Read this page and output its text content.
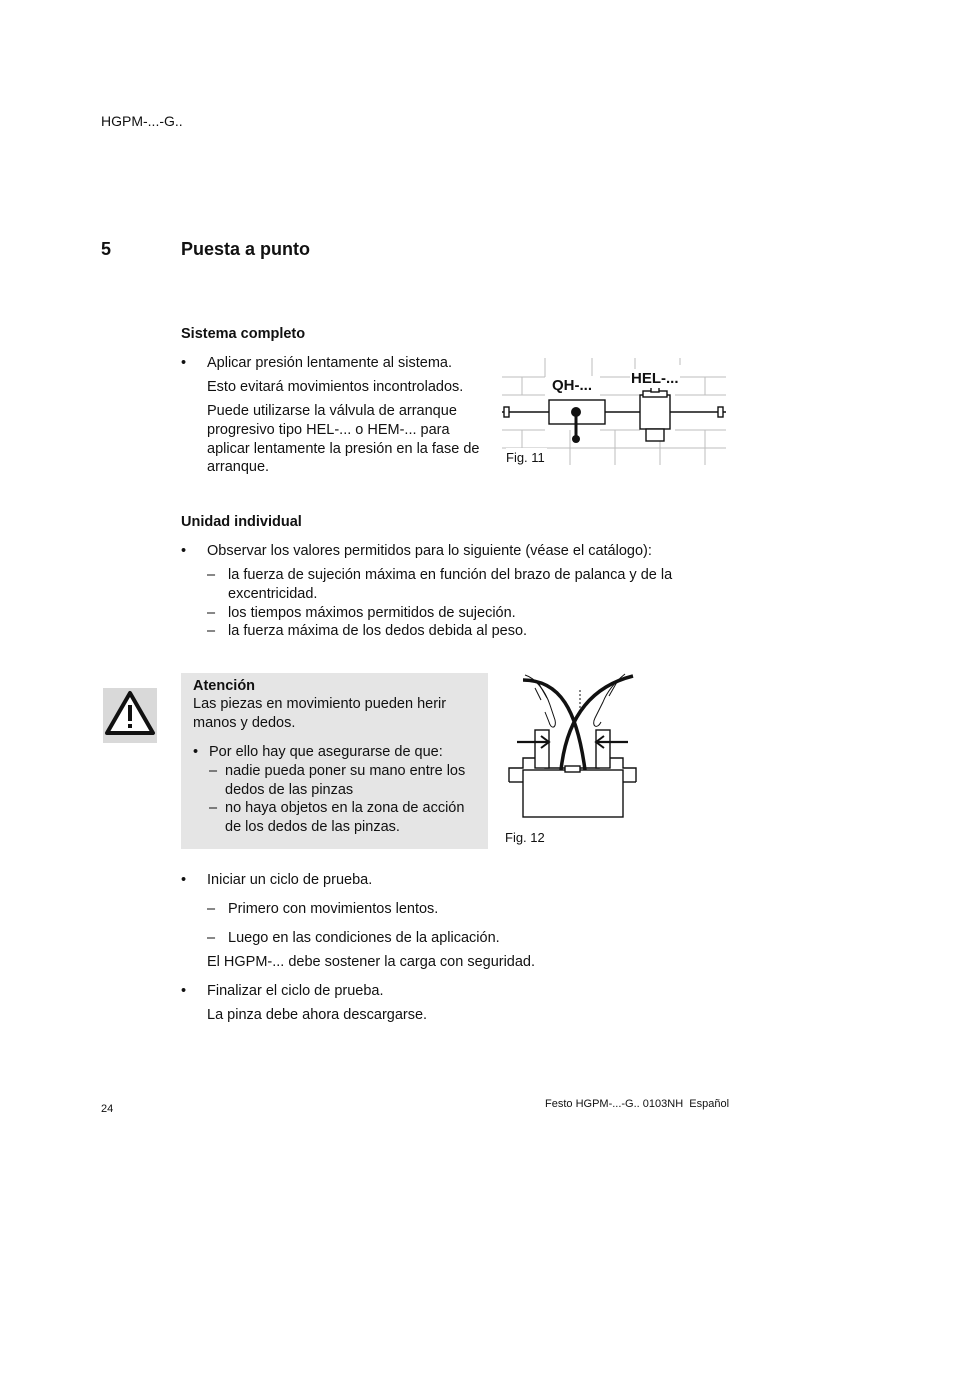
HGPM-...-G..
5	Puesta a punto
Sistema completo
• Aplicar presión lentamente al sistema.
Esto evitará movimientos incontrolados.
Puede utilizarse la válvula de arranque
progresivo tipo HEL-... o HEM-... para
aplicar lentamente la presión en la fase de
arranque.
QH-...	HEL-...
Fig. 11
Unidad individual
• Observar los valores permitidos para lo siguiente (véase el catálogo):
– la fuerza de sujeción máxima en función del brazo de palanca y de la
excentricidad.
– los tiempos máximos permitidos de sujeción.
– la fuerza máxima de los dedos debida al peso.
Atención
Las piezas en movimiento pueden herir
manos y dedos.
• Por ello hay que asegurarse de que:
– nadie pueda poner su mano entre los
dedos de las pinzas
– no haya objetos en la zona de acción
de los dedos de las pinzas.
Fig. 12
• Iniciar un ciclo de prueba.
– Primero con movimientos lentos.
– Luego en las condiciones de la aplicación.
El HGPM-... debe sostener la carga con seguridad.
• Finalizar el ciclo de prueba.
La pinza debe ahora descargarse.
24	Festo HGPM-...-G.. 0103NH  Español
